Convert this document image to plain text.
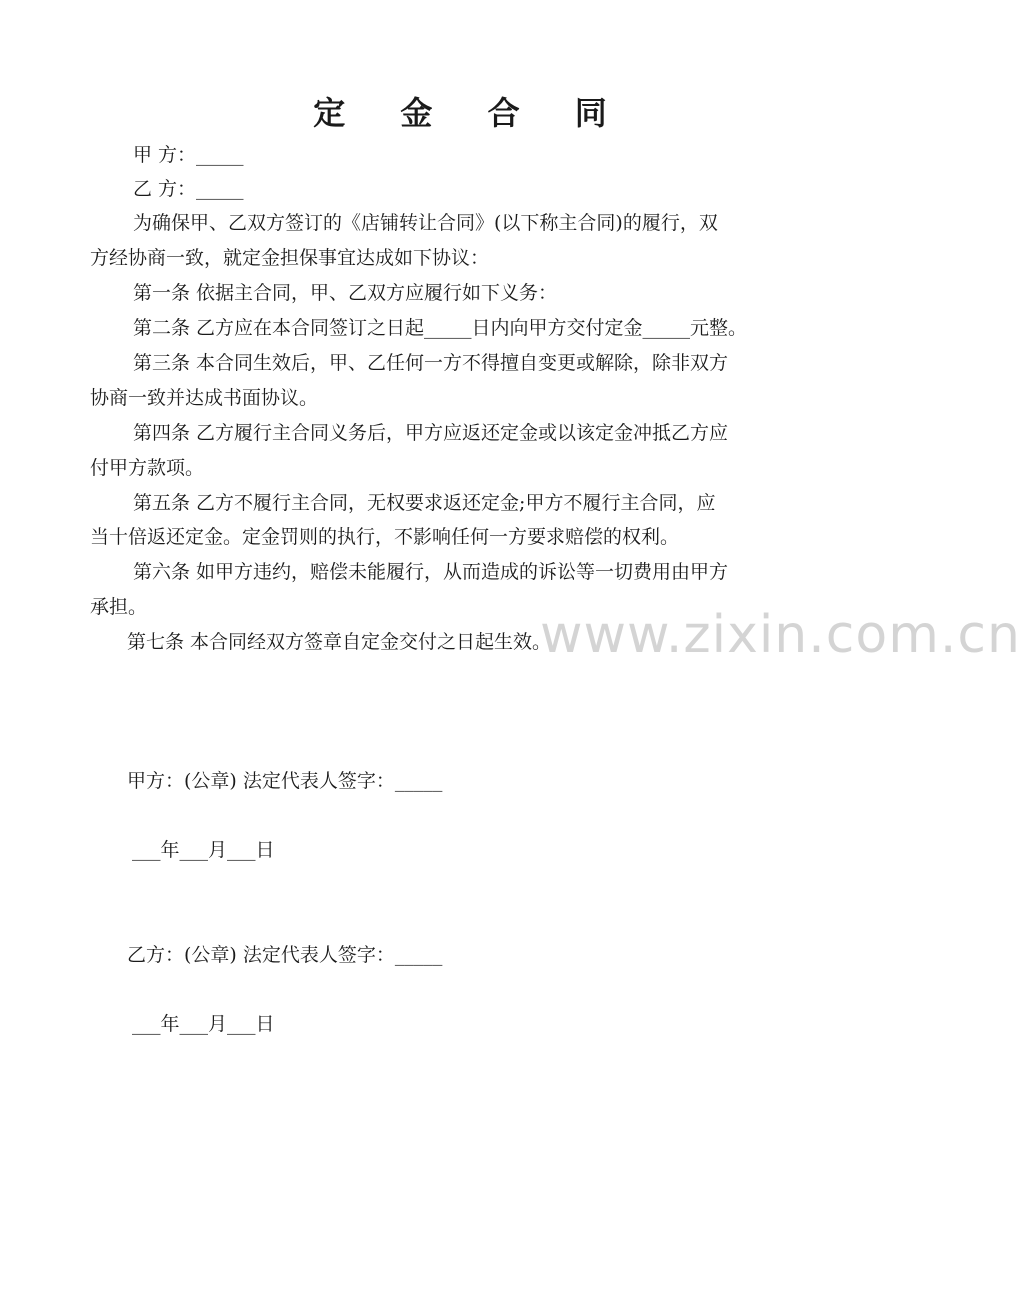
定 金 合 同
甲 方：_____
乙 方：_____
为确保甲、乙双方签订的《店铺转让合同》(以下称主合同)的履行，双
方经协商一致，就定金担保事宜达成如下协议：
第一条 依据主合同，甲、乙双方应履行如下义务：
第二条 乙方应在本合同签订之日起_____日内向甲方交付定金_____元整。
第三条 本合同生效后，甲、乙任何一方不得擅自变更或解除，除非双方
协商一致并达成书面协议。
第四条 乙方履行主合同义务后，甲方应返还定金或以该定金冲抵乙方应
付甲方款项。
第五条 乙方不履行主合同，无权要求返还定金;甲方不履行主合同，应
当十倍返还定金。定金罚则的执行，不影响任何一方要求赔偿的权利。
第六条 如甲方违约，赔偿未能履行，从而造成的诉讼等一切费用由甲方
承担。
第七条 本合同经双方签章自定金交付之日起生效。
www.zixin.com.cn
甲方：(公章) 法定代表人签字：_____
___年___月___日
乙方：(公章) 法定代表人签字：_____
___年___月___日
